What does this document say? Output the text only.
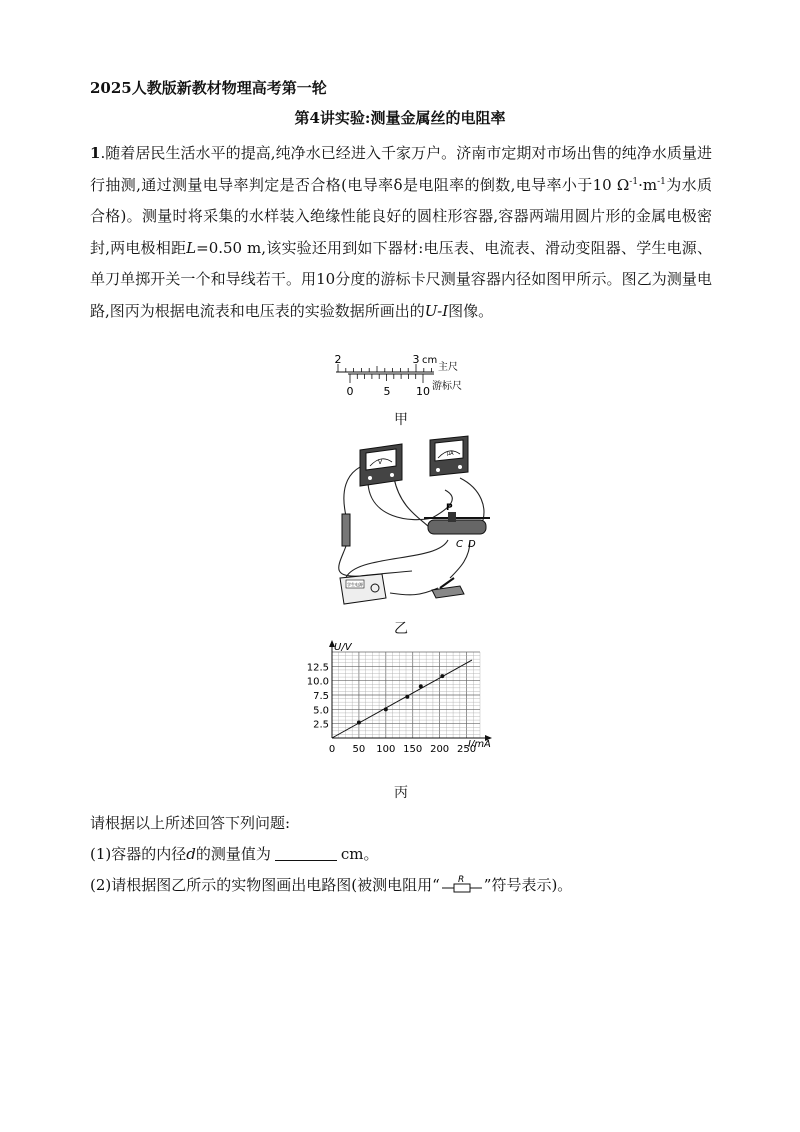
2025人教版新教材物理高考第一轮
第4讲实验:测量金属丝的电阻率
1.随着居民生活水平的提高,纯净水已经进入千家万户。济南市定期对市场出售的纯净水质量进行抽测,通过测量电导率判定是否合格(电导率δ是电阻率的倒数,电导率小于10 $\Omega^{-1}\cdot m^{-1}$为水质合格)。测量时将采集的水样装入绝缘性能良好的圆柱形容器,容器两端用圆片形的金属电极密封,两电极相距L=0.50 m,该实验还用到如下器材:电压表、电流表、滑动变阻器、学生电源、单刀单掷开关一个和导线若干。用10分度的游标卡尺测量容器内径如图甲所示。图乙为测量电路,图丙为根据电流表和电压表的实验数据所画出的U-I图像。
2	3 cm
主尺
0	5 10 游标尺
甲
V
μA
P
C D
学生电源
乙
0 50 100 150 200 250
2.5
5.0
7.5
10.0
12.5
U/V
I/mA
丙
请根据以上所述回答下列问题:
(1)容器的内径d的测量值为	cm。
(2)请根据图乙所示的实物图画出电路图(被测电阻用“ R ”符号表示)。
